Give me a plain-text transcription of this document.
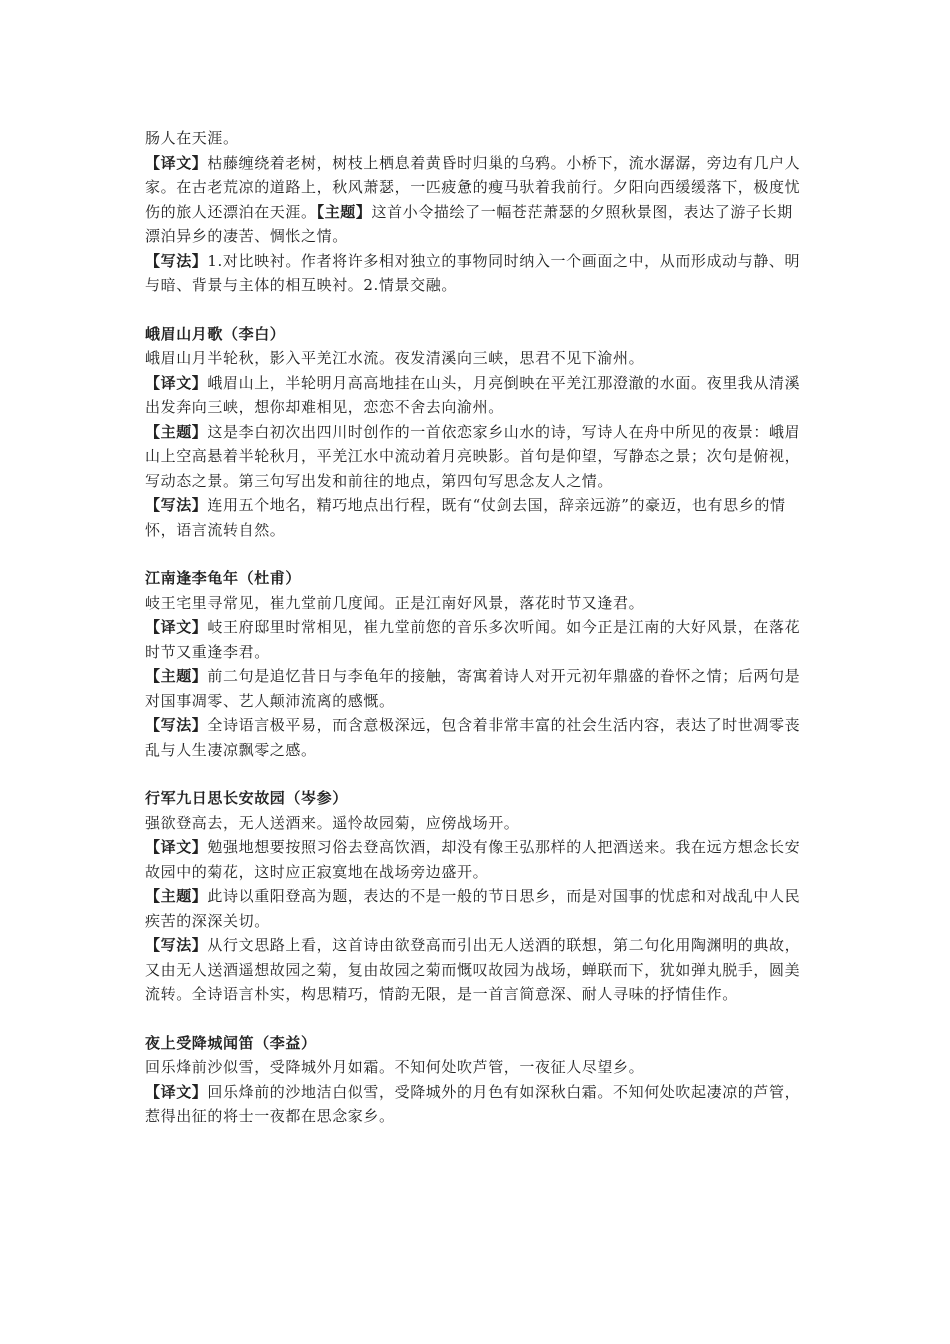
肠人在天涯。

【译文】枯藤缠绕着老树，树枝上栖息着黄昏时归巢的乌鸦。小桥下，流水潺潺，旁边有几户人家。在古老荒凉的道路上，秋风萧瑟，一匹疲惫的瘦马驮着我前行。夕阳向西缓缓落下，极度忧伤的旅人还漂泊在天涯。【主题】这首小令描绘了一幅苍茫萧瑟的夕照秋景图，表达了游子长期漂泊异乡的凄苦、惆怅之情。

【写法】1.对比映衬。作者将许多相对独立的事物同时纳入一个画面之中，从而形成动与静、明与暗、背景与主体的相互映衬。2.情景交融。

峨眉山月歌（李白）

峨眉山月半轮秋，影入平羌江水流。夜发清溪向三峡，思君不见下渝州。

【译文】峨眉山上，半轮明月高高地挂在山头，月亮倒映在平羌江那澄澈的水面。夜里我从清溪出发奔向三峡，想你却难相见，恋恋不舍去向渝州。

【主题】这是李白初次出四川时创作的一首依恋家乡山水的诗，写诗人在舟中所见的夜景：峨眉山上空高悬着半轮秋月，平羌江水中流动着月亮映影。首句是仰望，写静态之景；次句是俯视，写动态之景。第三句写出发和前往的地点，第四句写思念友人之情。

【写法】连用五个地名，精巧地点出行程，既有“仗剑去国，辞亲远游”的豪迈，也有思乡的情怀，语言流转自然。

江南逢李龟年（杜甫）

岐王宅里寻常见，崔九堂前几度闻。正是江南好风景，落花时节又逢君。

【译文】岐王府邸里时常相见，崔九堂前您的音乐多次听闻。如今正是江南的大好风景，在落花时节又重逢李君。

【主题】前二句是追忆昔日与李龟年的接触，寄寓着诗人对开元初年鼎盛的眷怀之情；后两句是对国事凋零、艺人颠沛流离的感慨。

【写法】全诗语言极平易，而含意极深远，包含着非常丰富的社会生活内容，表达了时世凋零丧乱与人生凄凉飘零之感。

行军九日思长安故园（岑参）

强欲登高去，无人送酒来。遥怜故园菊，应傍战场开。

【译文】勉强地想要按照习俗去登高饮酒，却没有像王弘那样的人把酒送来。我在远方想念长安故园中的菊花，这时应正寂寞地在战场旁边盛开。

【主题】此诗以重阳登高为题，表达的不是一般的节日思乡，而是对国事的忧虑和对战乱中人民疾苦的深深关切。

【写法】从行文思路上看，这首诗由欲登高而引出无人送酒的联想，第二句化用陶渊明的典故，又由无人送酒遥想故园之菊，复由故园之菊而慨叹故园为战场，蝉联而下，犹如弹丸脱手，圆美流转。全诗语言朴实，构思精巧，情韵无限，是一首言简意深、耐人寻味的抒情佳作。

夜上受降城闻笛（李益）

回乐烽前沙似雪，受降城外月如霜。不知何处吹芦管，一夜征人尽望乡。

【译文】回乐烽前的沙地洁白似雪，受降城外的月色有如深秋白霜。不知何处吹起凄凉的芦管，惹得出征的将士一夜都在思念家乡。
